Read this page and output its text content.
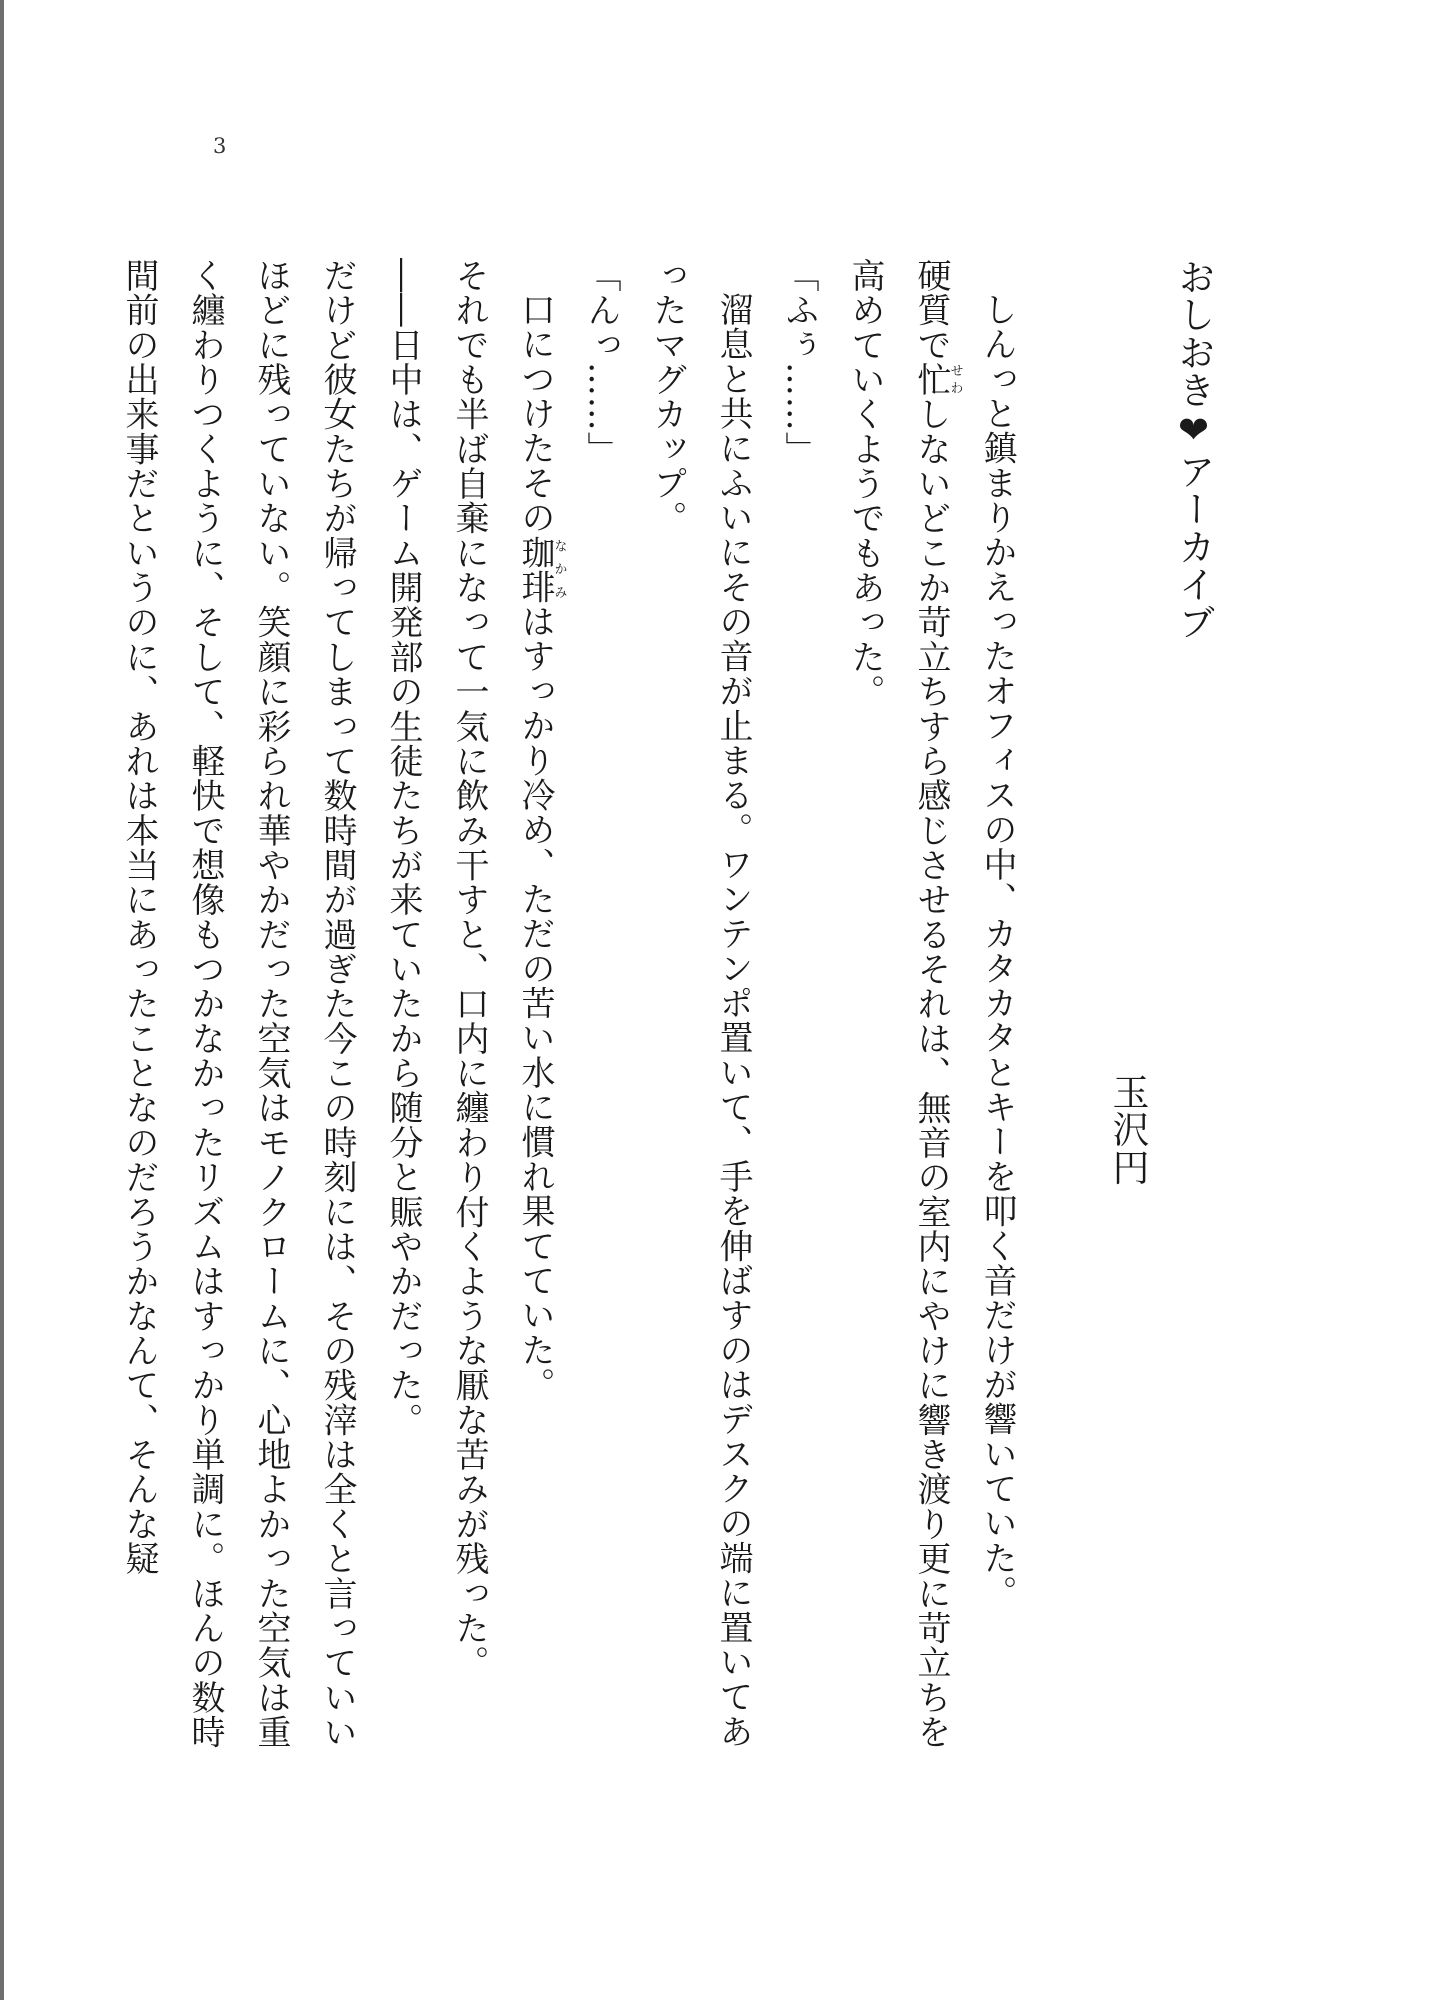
3
おしおき❤アーカイブ
玉沢円

しんっと鎮まりかえったオフィスの中、カタカタとキーを叩く音だけが響いていた。

硬質で忙せわしないどこか苛立ちすら感じさせるそれは、無音の室内にやけに響き渡り更に苛立ちを高めていくようでもあった。

「ふぅ……」

溜息と共にふいにその音が止まる。ワンテンポ置いて、手を伸ばすのはデスクの端に置いてあったマグカップ。

「んっ……」

口につけたその珈琲なかみはすっかり冷め、ただの苦い水に慣れ果てていた。

それでも半ば自棄になって一気に飲み干すと、口内に纏わり付くような厭な苦みが残った。

――日中は、ゲーム開発部の生徒たちが来ていたから随分と賑やかだった。

だけど彼女たちが帰ってしまって数時間が過ぎた今この時刻には、その残滓は全くと言っていいほどに残っていない。笑顔に彩られ華やかだった空気はモノクロームに、心地よかった空気は重く纏わりつくように、そして、軽快で想像もつかなかったリズムはすっかり単調に。ほんの数時間前の出来事だというのに、あれは本当にあったことなのだろうかなんて、そんな疑
